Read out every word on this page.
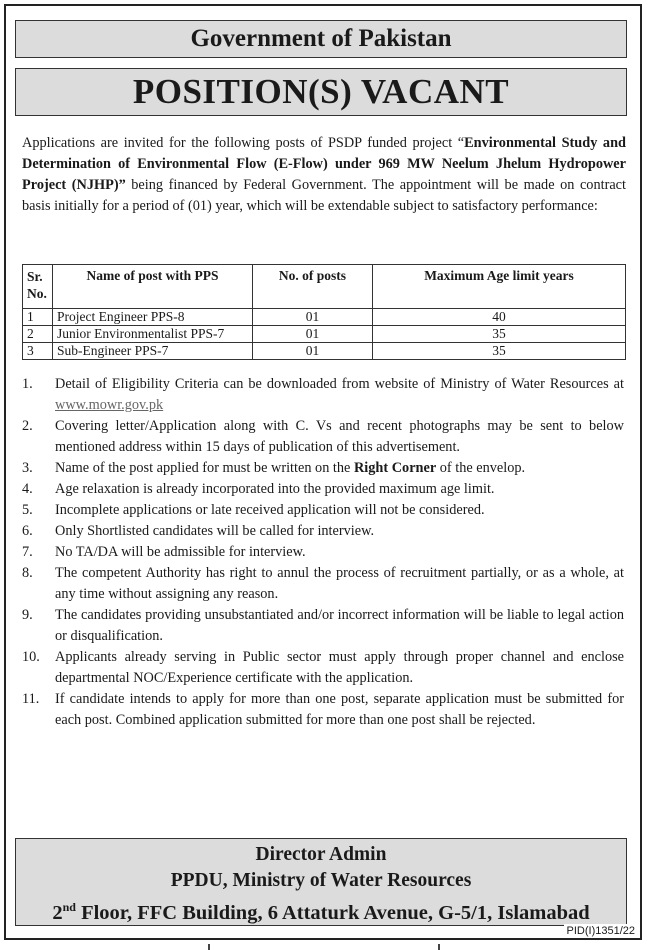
Government of Pakistan
POSITION(S) VACANT

Applications are invited for the following posts of PSDP funded project “Environmental Study and Determination of Environmental Flow (E-Flow) under 969 MW Neelum Jhelum Hydropower Project (NJHP)” being financed by Federal Government. The appointment will be made on contract basis initially for a period of (01) year, which will be extendable subject to satisfactory performance:

Sr. No.	Name of post with PPS	No. of posts	Maximum Age limit years
1	Project Engineer PPS-8	01	40
2	Junior Environmentalist PPS-7	01	35
3	Sub-Engineer PPS-7	01	35
1.	Detail of Eligibility Criteria can be downloaded from website of Ministry of Water Resources at www.mowr.gov.pk
2.	Covering letter/Application along with C. Vs and recent photographs may be sent to below mentioned address within 15 days of publication of this advertisement.
3.	Name of the post applied for must be written on the Right Corner of the envelop.
4.	Age relaxation is already incorporated into the provided maximum age limit.
5.	Incomplete applications or late received application will not be considered.
6.	Only Shortlisted candidates will be called for interview.
7.	No TA/DA will be admissible for interview.
8.	The competent Authority has right to annul the process of recruitment partially, or as a whole, at any time without assigning any reason.
9.	The candidates providing unsubstantiated and/or incorrect information will be liable to legal action or disqualification.
10.	Applicants already serving in Public sector must apply through proper channel and enclose departmental NOC/Experience certificate with the application.
11.	If candidate intends to apply for more than one post, separate application must be submitted for each post. Combined application submitted for more than one post shall be rejected.
Director Admin
PPDU, Ministry of Water Resources
2nd Floor, FFC Building, 6 Attaturk Avenue, G-5/1, Islamabad
PID(I)1351/22
